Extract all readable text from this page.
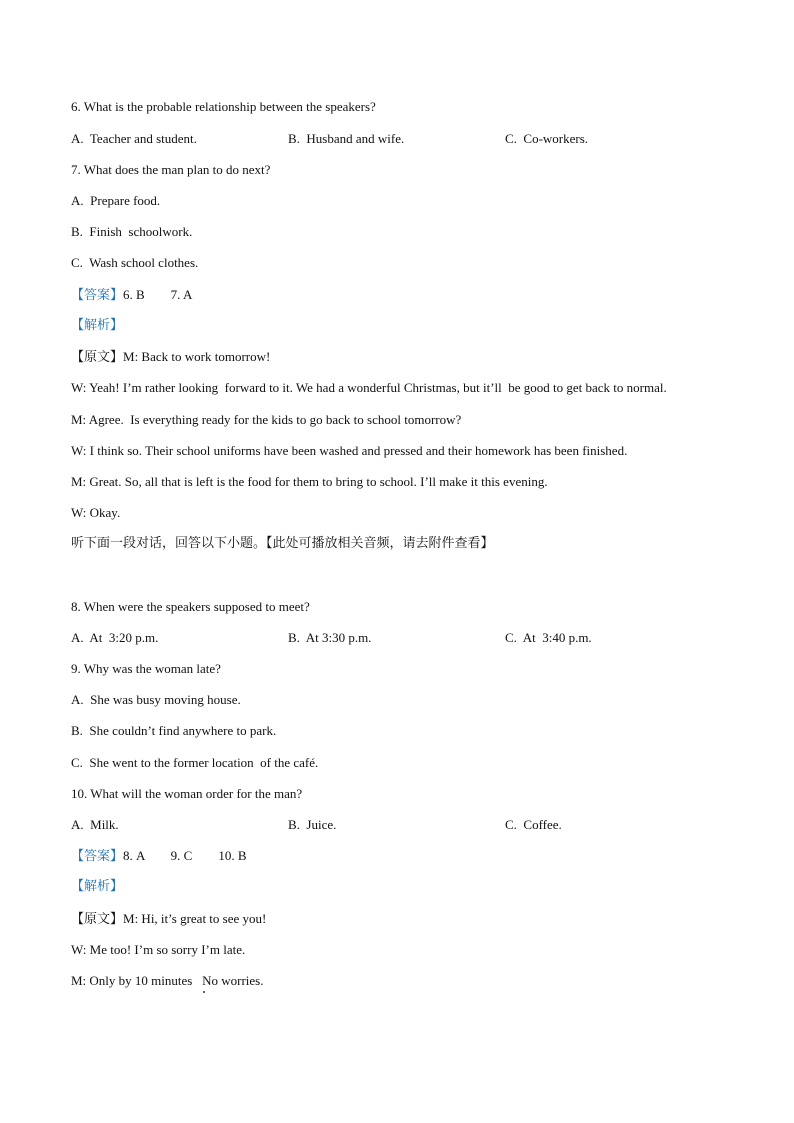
6. What is the probable relationship between the speakers?
A.  Teacher and student.	B.  Husband and wife.	C.  Co-workers.
7. What does the man plan to do next?
A.  Prepare food.
B.  Finish  schoolwork.
C.  Wash school clothes.
【答案】6. B        7. A
【解析】
【原文】M: Back to work tomorrow!
W: Yeah! I’m rather looking  forward to it. We had a wonderful Christmas, but it’ll  be good to get back to normal.
M: Agree.  Is everything ready for the kids to go back to school tomorrow?
W: I think so. Their school uniforms have been washed and pressed and their homework has been finished.
M: Great. So, all that is left is the food for them to bring to school. I’ll make it this evening.
W: Okay.
听下面一段对话，回答以下小题。【此处可播放相关音频，请去附件查看】
8. When were the speakers supposed to meet?
A.  At  3:20 p.m.	B.  At 3:30 p.m.	C.  At  3:40 p.m.
9. Why was the woman late?
A.  She was busy moving house.
B.  She couldn’t find anywhere to park.
C.  She went to the former location  of the café.
10. What will the woman order for the man?
A.  Milk.	B.  Juice.	C.  Coffee.
【答案】8. A        9. C        10. B
【解析】
【原文】M: Hi, it’s great to see you!
W: Me too! I’m so sorry I’m late.
M: Only by 10 minutes   No worries.
